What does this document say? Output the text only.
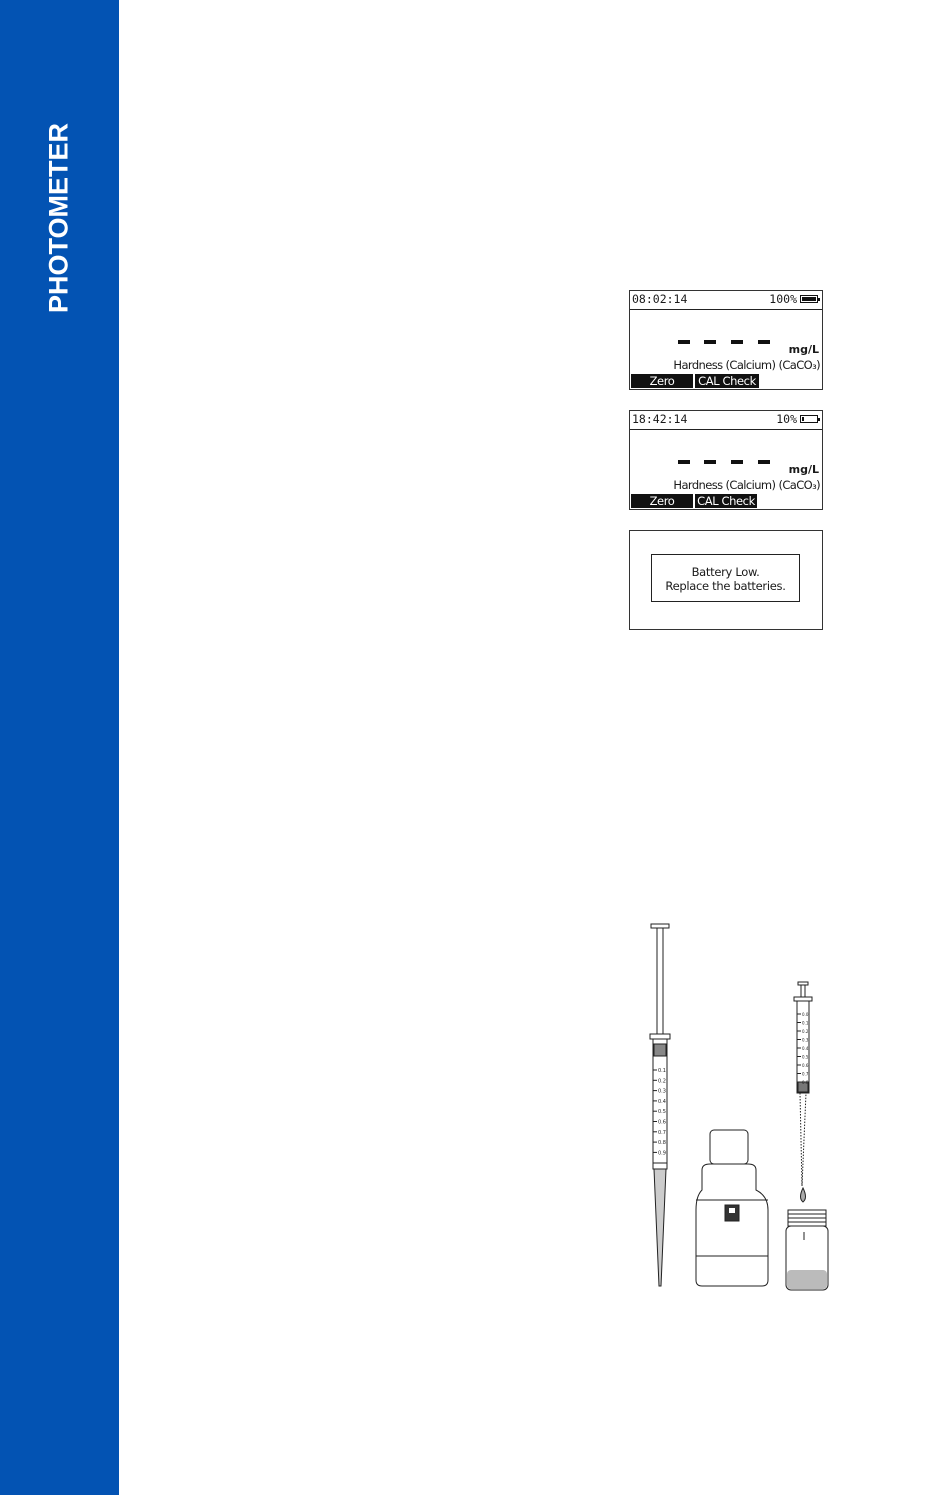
PHOTOMETER	08:02:14	100%
mg/L
Hardness (Calcium) (CaCO₃)
Zero	CAL Check
18:42:14	10%
mg/L
Hardness (Calcium) (CaCO₃)
Zero	CAL Check
Battery Low.
Replace the batteries.
0.1
0.2
0.3
0.4
0.5
0.6
0.7
0.8
0.9
0.0
0.1
0.2
0.3
0.4
0.5
0.6
0.7
0.8
